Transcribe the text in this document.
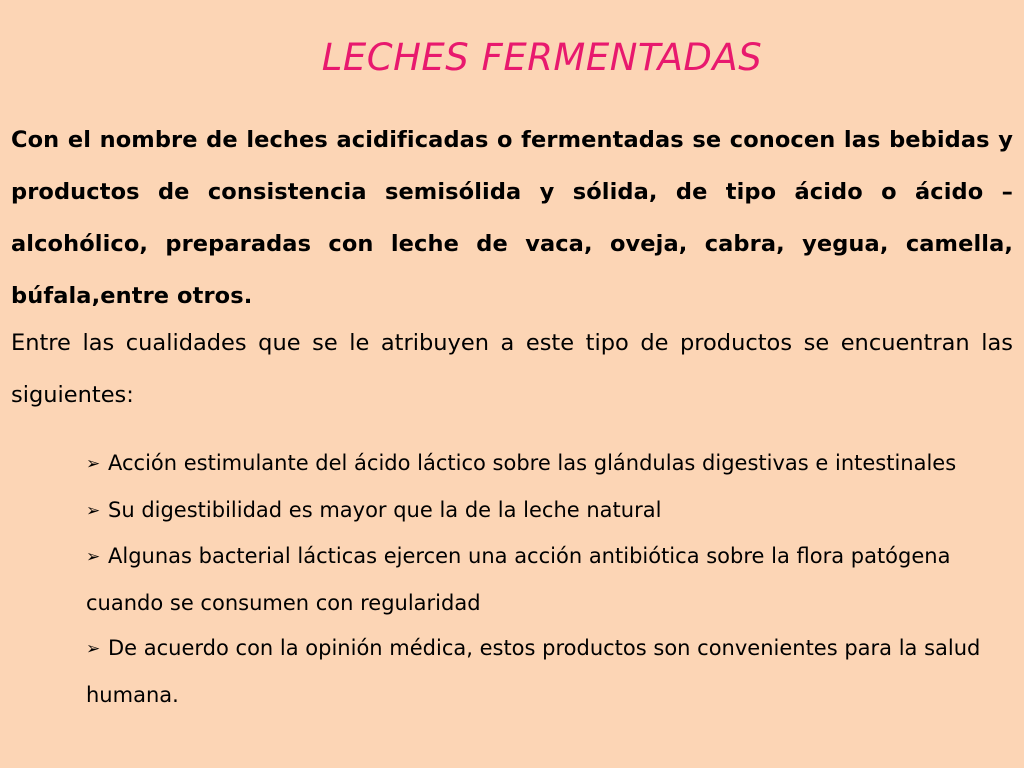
LECHES FERMENTADAS

Con el nombre de leches acidificadas o fermentadas se conocen las bebidas y productos de consistencia semisólida y sólida, de tipo ácido o ácido – alcohólico, preparadas con leche de vaca, oveja, cabra, yegua, camella, búfala,entre otros.

Entre las cualidades que se le atribuyen a este tipo de productos se encuentran las siguientes:

➢ Acción estimulante del ácido láctico sobre las glándulas digestivas e intestinales
➢ Su digestibilidad es mayor que la de la leche natural
➢ Algunas bacterial lácticas ejercen una acción antibiótica sobre la flora patógena cuando se consumen con regularidad
➢ De acuerdo con la opinión médica, estos productos son convenientes para la salud humana.
